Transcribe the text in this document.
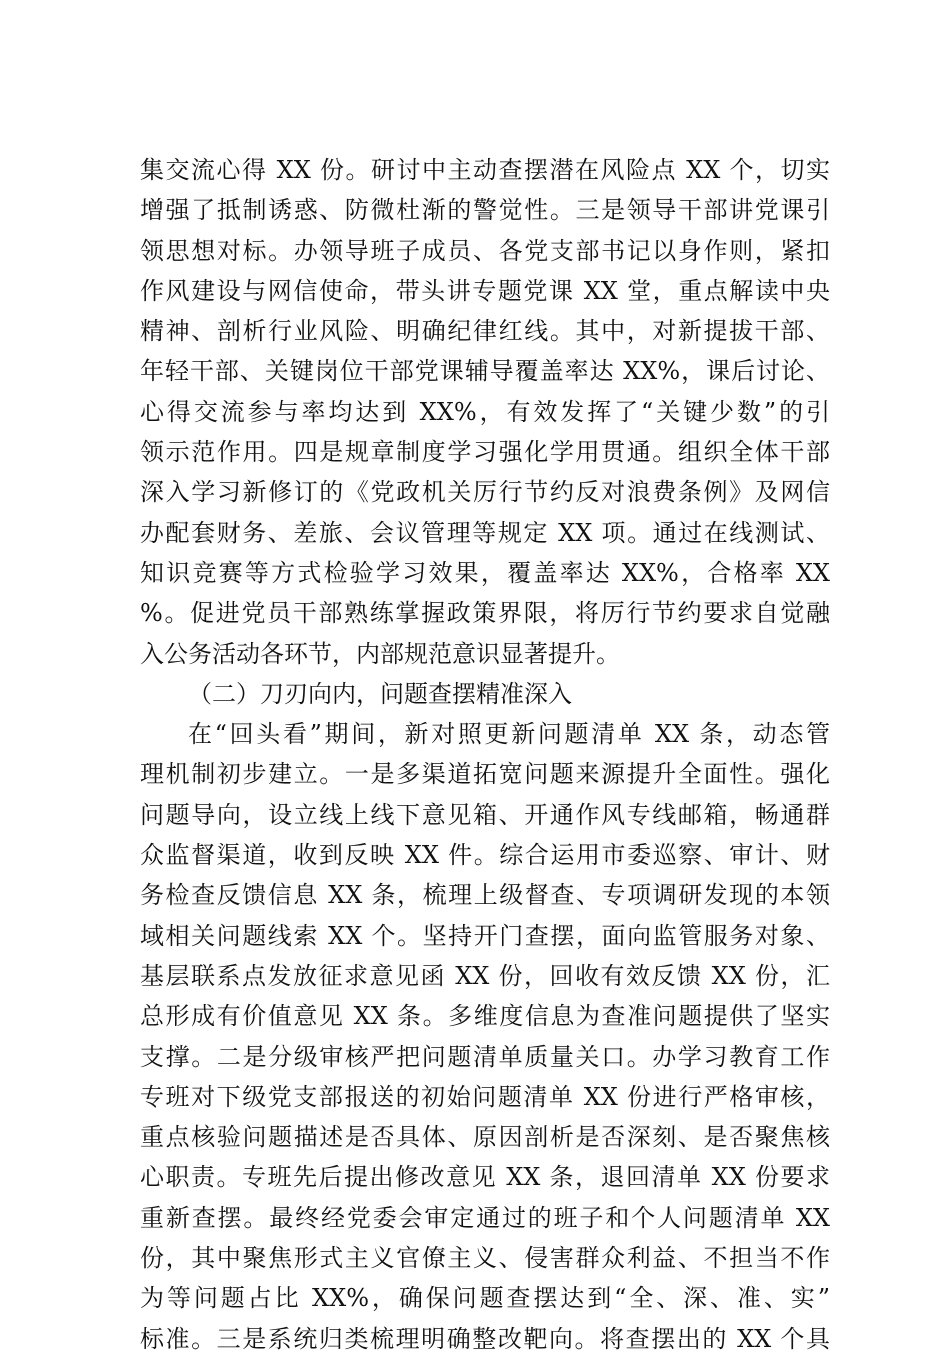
集交流心得 XX 份。研讨中主动查摆潜在风险点 XX 个，切实
增强了抵制诱惑、防微杜渐的警觉性。三是领导干部讲党课引
领思想对标。办领导班子成员、各党支部书记以身作则，紧扣
作风建设与网信使命，带头讲专题党课 XX 堂，重点解读中央
精神、剖析行业风险、明确纪律红线。其中，对新提拔干部、
年轻干部、关键岗位干部党课辅导覆盖率达 XX%，课后讨论、
心得交流参与率均达到 XX%，有效发挥了“关键少数”的引
领示范作用。四是规章制度学习强化学用贯通。组织全体干部
深入学习新修订的《党政机关厉行节约反对浪费条例》及网信
办配套财务、差旅、会议管理等规定 XX 项。通过在线测试、
知识竞赛等方式检验学习效果，覆盖率达 XX%，合格率 XX
%。促进党员干部熟练掌握政策界限，将厉行节约要求自觉融
入公务活动各环节，内部规范意识显著提升。
（二）刀刃向内，问题查摆精准深入
在“回头看”期间，新对照更新问题清单 XX 条，动态管
理机制初步建立。一是多渠道拓宽问题来源提升全面性。强化
问题导向，设立线上线下意见箱、开通作风专线邮箱，畅通群
众监督渠道，收到反映 XX 件。综合运用市委巡察、审计、财
务检查反馈信息 XX 条，梳理上级督查、专项调研发现的本领
域相关问题线索 XX 个。坚持开门查摆，面向监管服务对象、
基层联系点发放征求意见函 XX 份，回收有效反馈 XX 份，汇
总形成有价值意见 XX 条。多维度信息为查准问题提供了坚实
支撑。二是分级审核严把问题清单质量关口。办学习教育工作
专班对下级党支部报送的初始问题清单 XX 份进行严格审核，
重点核验问题描述是否具体、原因剖析是否深刻、是否聚焦核
心职责。专班先后提出修改意见 XX 条，退回清单 XX 份要求
重新查摆。最终经党委会审定通过的班子和个人问题清单 XX
份，其中聚焦形式主义官僚主义、侵害群众利益、不担当不作
为等问题占比 XX%，确保问题查摆达到“全、深、准、实”
标准。三是系统归类梳理明确整改靶向。将查摆出的 XX 个具
